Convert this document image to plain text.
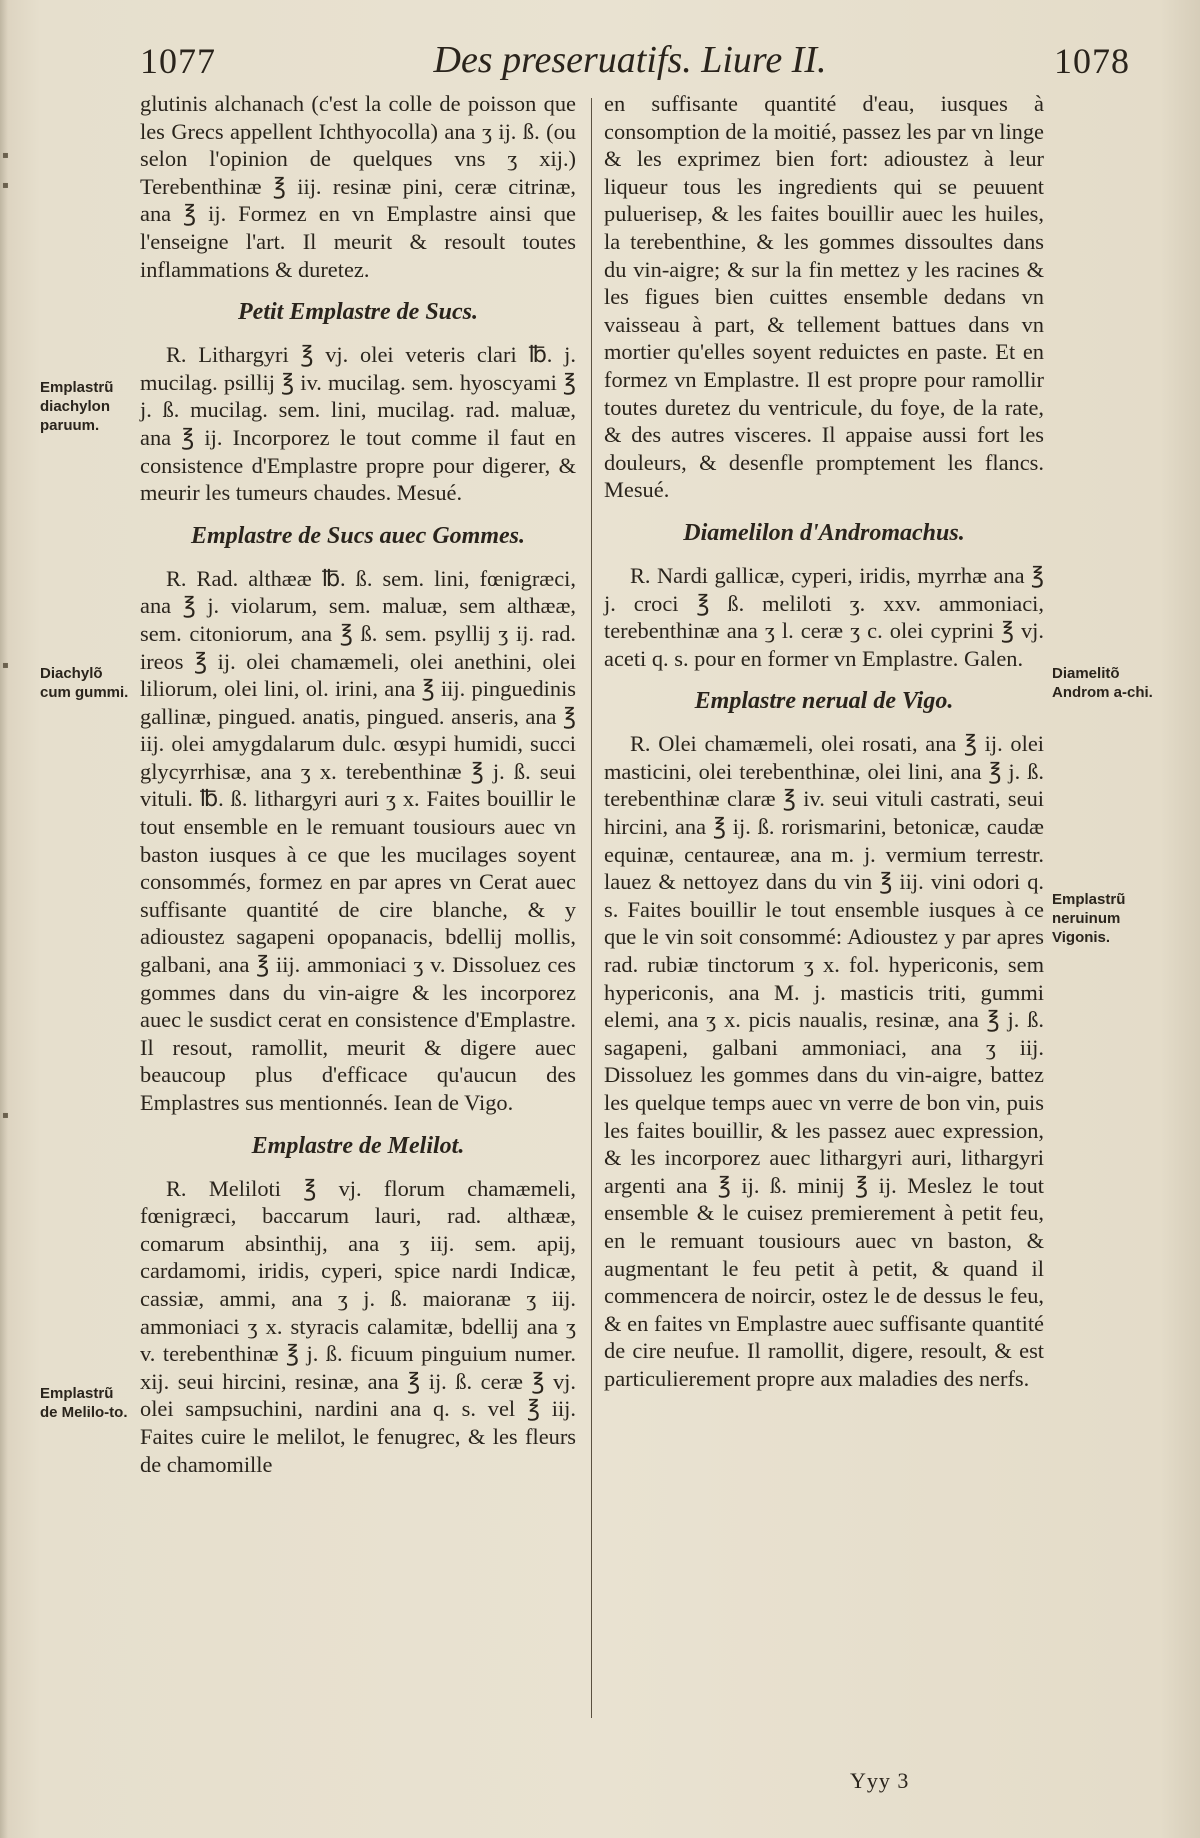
▪
▪
▪
▪
1077	Des preseruatifs. Liure II.	1078

glutinis alchanach (c'est la colle de poisson que les Grecs appellent Ichthyocolla) ana ʒ ij. ß. (ou selon l'opinion de quelques vns ʒ xij.) Terebenthinæ ℥ iij. resinæ pini, ceræ citrinæ, ana ℥ ij. Formez en vn Emplastre ainsi que l'enseigne l'art. Il meurit & resoult toutes inflammations & duretez.

Petit Emplastre de Sucs.

R. Lithargyri ℥ vj. olei veteris clari ℔. j. mucilag. psillij ℥ iv. mucilag. sem. hyoscyami ℥ j. ß. mucilag. sem. lini, mucilag. rad. maluæ, ana ℥ ij. Incorporez le tout comme il faut en consistence d'Emplastre propre pour digerer, & meurir les tumeurs chaudes. Mesué.

Emplastre de Sucs auec Gommes.

R. Rad. althææ ℔. ß. sem. lini, fœnigræci, ana ℥ j. violarum, sem. maluæ, sem althææ, sem. citoniorum, ana ℥ ß. sem. psyllij ʒ ij. rad. ireos ℥ ij. olei chamæmeli, olei anethini, olei liliorum, olei lini, ol. irini, ana ℥ iij. pinguedinis gallinæ, pingued. anatis, pingued. anseris, ana ℥ iij. olei amygdalarum dulc. œsypi humidi, succi glycyrrhisæ, ana ʒ x. terebenthinæ ℥ j. ß. seui vituli. ℔. ß. lithargyri auri ʒ x. Faites bouillir le tout ensemble en le remuant tousiours auec vn baston iusques à ce que les mucilages soyent consommés, formez en par apres vn Cerat auec suffisante quantité de cire blanche, & y adioustez sagapeni opopanacis, bdellij mollis, galbani, ana ℥ iij. ammoniaci ʒ v. Dissoluez ces gommes dans du vin-aigre & les incorporez auec le susdict cerat en consistence d'Emplastre. Il resout, ramollit, meurit & digere auec beaucoup plus d'efficace qu'aucun des Emplastres sus mentionnés. Iean de Vigo.

Emplastre de Melilot.

R. Meliloti ℥ vj. florum chamæmeli, fœnigræci, baccarum lauri, rad. althææ, comarum absinthij, ana ʒ iij. sem. apij, cardamomi, iridis, cyperi, spice nardi Indicæ, cassiæ, ammi, ana ʒ j. ß. maioranæ ʒ iij. ammoniaci ʒ x. styracis calamitæ, bdellij ana ʒ v. terebenthinæ ℥ j. ß. ficuum pinguium numer. xij. seui hircini, resinæ, ana ℥ ij. ß. ceræ ℥ vj. olei sampsuchini, nardini ana q. s. vel ℥ iij. Faites cuire le melilot, le fenugrec, & les fleurs de chamomille

en suffisante quantité d'eau, iusques à consomption de la moitié, passez les par vn linge & les exprimez bien fort: adioustez à leur liqueur tous les ingredients qui se peuuent puluerisер, & les faites bouillir auec les huiles, la terebenthine, & les gommes dissoultes dans du vin-aigre; & sur la fin mettez y les racines & les figues bien cuittes ensemble dedans vn vaisseau à part, & tellement battues dans vn mortier qu'elles soyent reduictes en paste. Et en formez vn Emplastre. Il est propre pour ramollir toutes duretez du ventricule, du foye, de la rate, & des autres visceres. Il appaise aussi fort les douleurs, & desenfle promptement les flancs. Mesué.

Diamelilon d'Andromachus.

R. Nardi gallicæ, cyperi, iridis, myrrhæ ana ℥ j. croci ℥ ß. meliloti ʒ. xxv. ammoniaci, terebenthinæ ana ʒ l. ceræ ʒ c. olei cyprini ℥ vj. aceti q. s. pour en former vn Emplastre. Galen.

Emplastre nerual de Vigo.

R. Olei chamæmeli, olei rosati, ana ℥ ij. olei masticini, olei terebenthinæ, olei lini, ana ℥ j. ß. terebenthinæ claræ ℥ iv. seui vituli castrati, seui hircini, ana ℥ ij. ß. rorismarini, betonicæ, caudæ equinæ, centaureæ, ana m. j. vermium terrestr. lauez & nettoyez dans du vin ℥ iij. vini odori q. s. Faites bouillir le tout ensemble iusques à ce que le vin soit consommé: Adioustez y par apres rad. rubiæ tinctorum ʒ x. fol. hypericonis, sem hypericonis, ana M. j. masticis triti, gummi elemi, ana ʒ x. picis naualis, resinæ, ana ℥ j. ß. sagapeni, galbani ammoniaci, ana ʒ iij. Dissoluez les gommes dans du vin-aigre, battez les quelque temps auec vn verre de bon vin, puis les faites bouillir, & les passez auec expression, & les incorporez auec lithargyri auri, lithargyri argenti ana ℥ ij. ß. minij ℥ ij. Meslez le tout ensemble & le cuisez premierement à petit feu, en le remuant tousiours auec vn baston, & augmentant le feu petit à petit, & quand il commencera de noircir, ostez le de dessus le feu, & en faites vn Emplastre auec suffisante quantité de cire neufue. Il ramollit, digere, resoult, & est particulierement propre aux maladies des nerfs.

Emplastrũ diachylon paruum.
Diachylõ cum gummi.
Emplastrũ de Melilo-to.
Diamelitõ Androm a-chi.
Emplastrũ neruinum Vigonis.
Yyy 3
